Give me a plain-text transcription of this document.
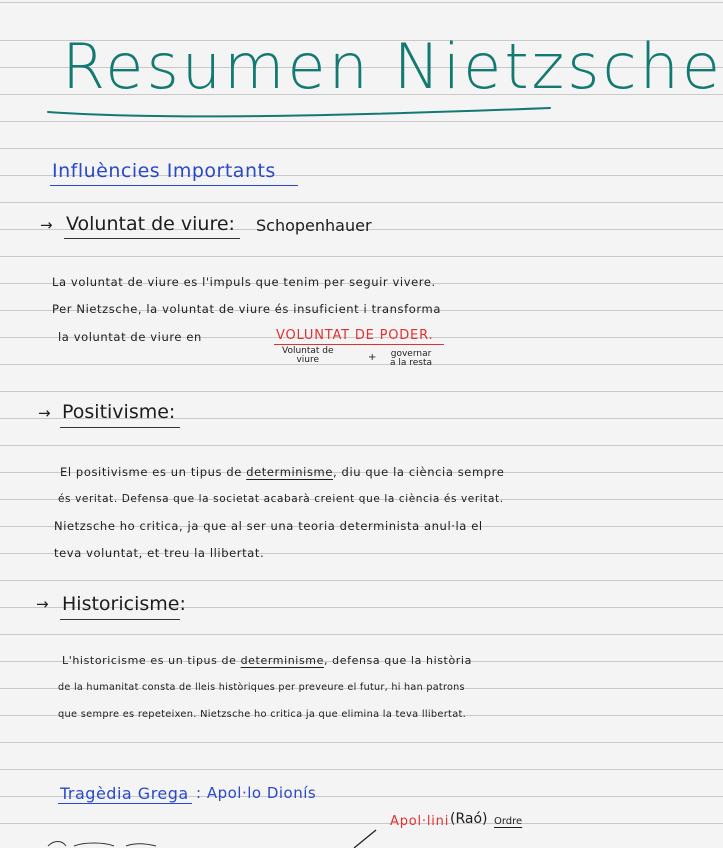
Resumen Nietzsche
Influències Importants
→ Voluntat de viure: Schopenhauer
La voluntat de viure es l'impuls que tenim per seguir vivere.
Per Nietzsche, la voluntat de viure és insuficient i transforma
la voluntat de viure en	VOLUNTAT DE PODER.
Voluntat de
viure	+ governar
a la resta
→ Positivisme:
El positivisme es un tipus de determinisme, diu que la ciència sempre
és veritat. Defensa que la societat acabarà creient que la ciència és veritat.
Nietzsche ho critica, ja que al ser una teoria determinista anul·la el
teva voluntat, et treu la llibertat.
→ Historicisme:
L'historicisme es un tipus de determinisme, defensa que la història
de la humanitat consta de lleis històriques per preveure el futur, hi han patrons
que sempre es repeteixen. Nietzsche ho critica ja que elimina la teva llibertat.
Tragèdia Grega : Apol·lo Dionís
Apol·lini (Raó) Ordre
